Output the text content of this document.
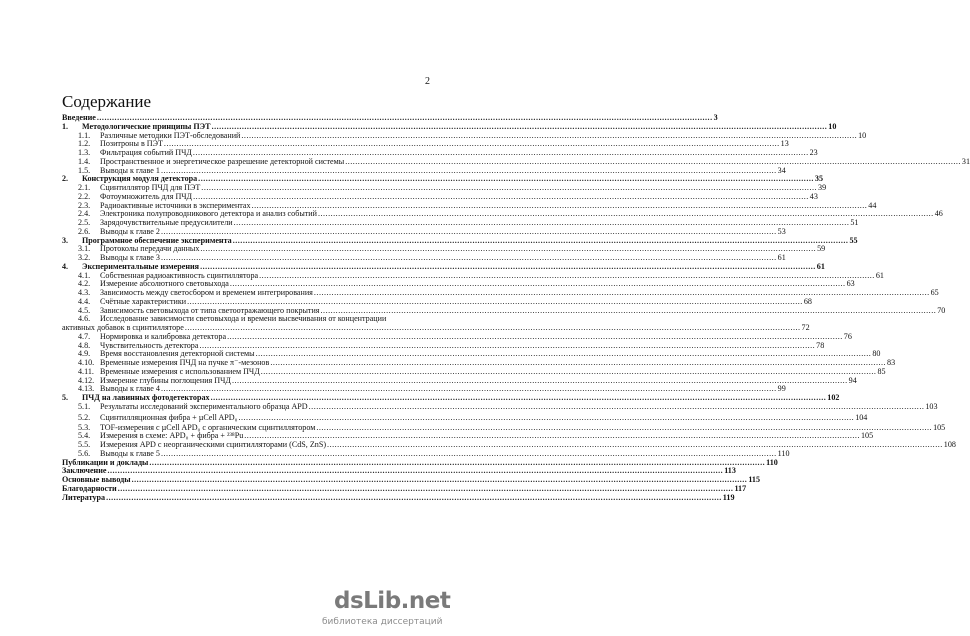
2
Содержание
Введение .....	3
1.	Методологические принципы ПЭТ .....	10
1.1.	Различные методики ПЭТ-обследований .....	10
1.2.	Позитроны в ПЭТ .....	13
1.3.	Фильтрация событий ПЧД .....	23
1.4.	Пространственное и энергетическое разрешение детекторной системы .....	31
1.5.	Выводы к главе 1 .....	34
2.	Конструкция модуля детектора .....	35
2.1.	Сцинтиллятор ПЧД для ПЭТ .....	39
2.2.	Фотоумножитель для ПЧД .....	43
2.3.	Радиоактивные источники в экспериментах .....	44
2.4.	Электроника полупроводникового детектора и анализ событий .....	46
2.5.	Зарядочувствительные предусилители .....	51
2.6.	Выводы к главе 2 .....	53
3.	Программное обеспечение эксперимента .....	55
3.1.	Протоколы передачи данных .....	59
3.2.	Выводы к главе 3 .....	61
4.	Экспериментальные измерения .....	61
4.1.	Собственная радиоактивность сцинтиллятора .....	61
4.2.	Измерение абсолютного световыхода .....	63
4.3.	Зависимость между светосбором и временем интегрирования .....	65
4.4.	Счётные характеристики .....	68
4.5.	Зависимость световыхода от типа светоотражающего покрытия .....	70
4.6.	Исследование зависимости световыхода и времени высвечивания от концентрации
активных добавок в сцинтилляторе .....	72
4.7.	Нормировка и калибровка детектора .....	76
4.8.	Чувствительность детектора .....	78
4.9.	Время восстановления детекторной системы .....	80
4.10. Временные измерения ПЧД на пучке π⁻-мезонов .....	83
4.11. Временные измерения с использованием ПЧД .....	85
4.12. Измерение глубины поглощения ПЧД .....	94
4.13. Выводы к главе 4 .....	99
5.	ПЧД на лавинных фотодетекторах .....	102
5.1.	Результаты исследований экспериментального образца APD .....	103
5.2.	Сцинтилляционная фибра + µCell APD₀ .....	104
5.3.	TOF-измерения с µCell APD₀ с органическим сцинтиллятором .....	105
5.4.	Измерения в схеме: APD₀ + фибра + ²³⁸Pu .....	105
5.5.	Измерения APD с неорганическими сцинтилляторами (CdS, ZnS) .....	108
5.6.	Выводы к главе 5 .....	110
Публикации и доклады .....	110
Заключение .....	113
Основные выводы .....	115
Благодарности .....	117
Литература .....	119
dsLib.net
библиотека диссертаций
